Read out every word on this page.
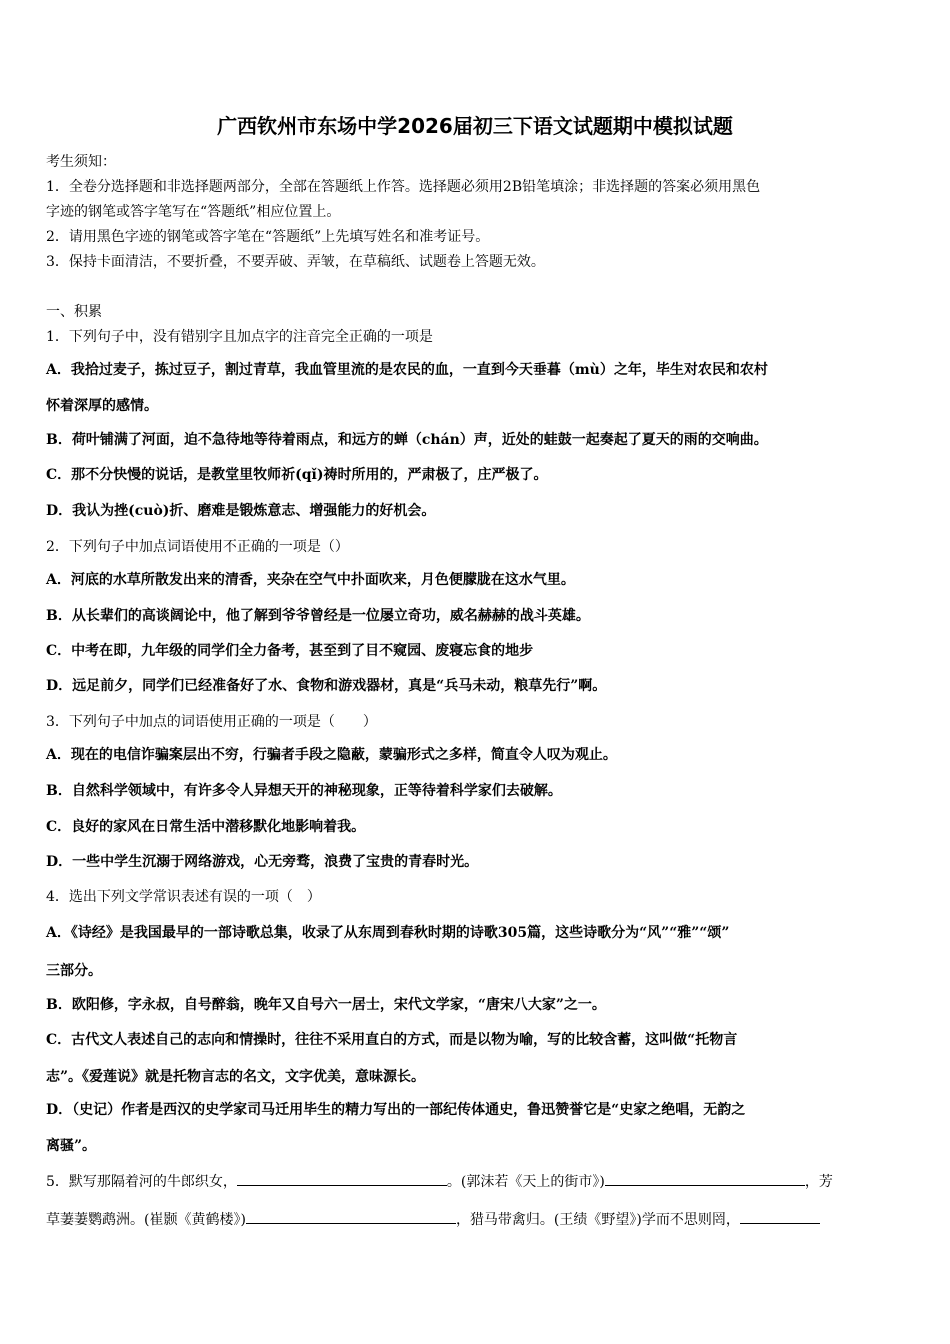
广西钦州市东场中学2026届初三下语文试题期中模拟试题
考生须知：
1．全卷分选择题和非选择题两部分，全部在答题纸上作答。选择题必须用2B铅笔填涂；非选择题的答案必须用黑色
字迹的钢笔或答字笔写在“答题纸”相应位置上。
2．请用黑色字迹的钢笔或答字笔在“答题纸”上先填写姓名和准考证号。
3．保持卡面清洁，不要折叠，不要弄破、弄皱，在草稿纸、试题卷上答题无效。
一、积累
1．下列句子中，没有错别字且加点字的注音完全正确的一项是
A．我拾过麦子，拣过豆子，割过青草，我血管里流的是农民的血，一直到今天垂暮（mù）之年，毕生对农民和农村
怀着深厚的感情。
B．荷叶铺满了河面，迫不急待地等待着雨点，和远方的蝉（chán）声，近处的蛙鼓一起奏起了夏天的雨的交响曲。
C．那不分快慢的说话，是教堂里牧师祈(qǐ)祷时所用的，严肃极了，庄严极了。
D．我认为挫(cuò)折、磨难是锻炼意志、增强能力的好机会。
2．下列句子中加点词语使用不正确的一项是（）
A．河底的水草所散发出来的清香，夹杂在空气中扑面吹来，月色便朦胧在这水气里。
B．从长辈们的高谈阔论中，他了解到爷爷曾经是一位屡立奇功，威名赫赫的战斗英雄。
C．中考在即，九年级的同学们全力备考，甚至到了目不窥园、废寝忘食的地步
D．远足前夕，同学们已经准备好了水、食物和游戏器材，真是“兵马未动，粮草先行”啊。
3．下列句子中加点的词语使用正确的一项是（　　）
A．现在的电信诈骗案层出不穷，行骗者手段之隐蔽，蒙骗形式之多样，简直令人叹为观止。
B．自然科学领域中，有许多令人异想天开的神秘现象，正等待着科学家们去破解。
C．良好的家风在日常生活中潜移默化地影响着我。
D．一些中学生沉溺于网络游戏，心无旁骛，浪费了宝贵的青春时光。
4．选出下列文学常识表述有误的一项（　）
A．《诗经》是我国最早的一部诗歌总集，收录了从东周到春秋时期的诗歌305篇，这些诗歌分为“风”“雅”“颂”
三部分。
B．欧阳修，字永叔，自号醉翁，晚年又自号六一居士，宋代文学家，“唐宋八大家”之一。
C．古代文人表述自己的志向和情操时，往往不采用直白的方式，而是以物为喻，写的比较含蓄，这叫做“托物言
志”。《爱莲说》就是托物言志的名文，文字优美，意味源长。
D．（史记）作者是西汉的史学家司马迁用毕生的精力写出的一部纪传体通史，鲁迅赞誉它是“史家之绝唱，无韵之
离骚”。
5．默写那隔着河的牛郎织女，	。(郭沫若《天上的街市》)	，芳
草萋萋鹦鹉洲。(崔颢《黄鹤楼》)	，猎马带禽归。(王绩《野望》)学而不思则罔，
